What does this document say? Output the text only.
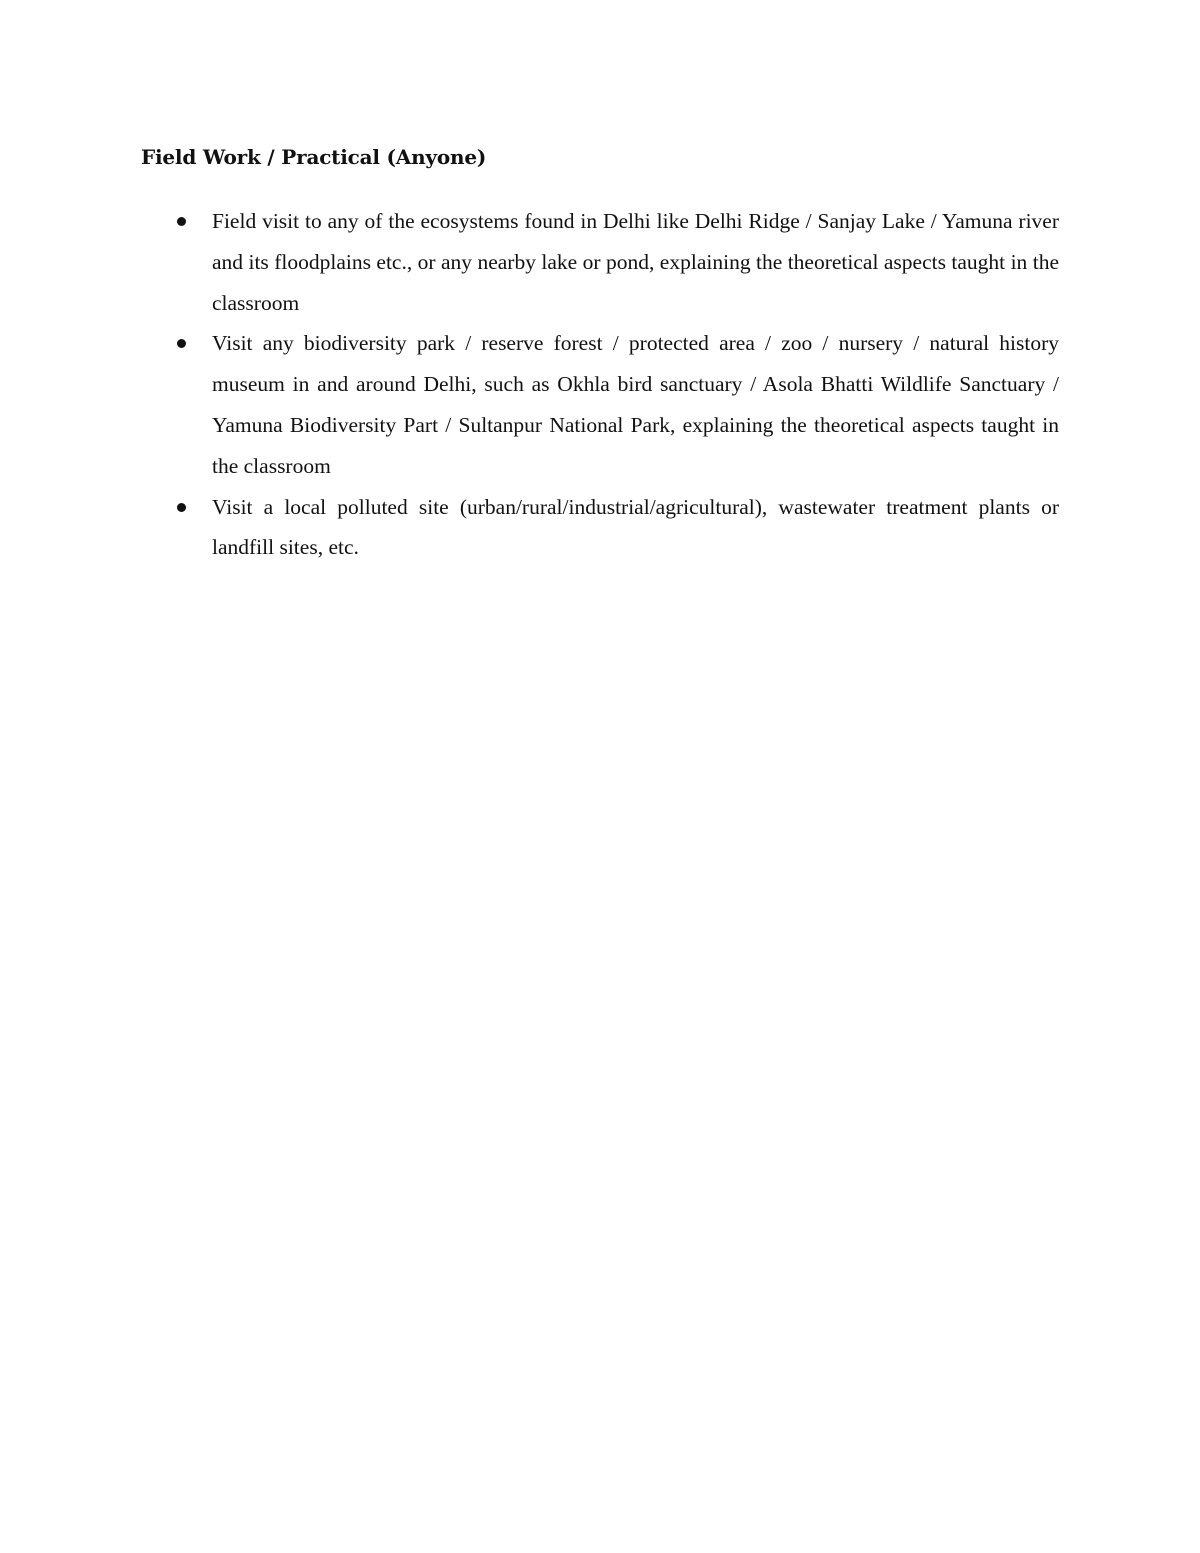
Field Work / Practical (Anyone)
Field visit to any of the ecosystems found in Delhi like Delhi Ridge / Sanjay Lake / Yamuna river and its floodplains etc., or any nearby lake or pond, explaining the theoretical aspects taught in the classroom
Visit any biodiversity park / reserve forest / protected area / zoo / nursery / natural history museum in and around Delhi, such as Okhla bird sanctuary / Asola Bhatti Wildlife Sanctuary / Yamuna Biodiversity Part / Sultanpur National Park, explaining the theoretical aspects taught in the classroom
Visit a local polluted site (urban/rural/industrial/agricultural), wastewater treatment plants or landfill sites, etc.
